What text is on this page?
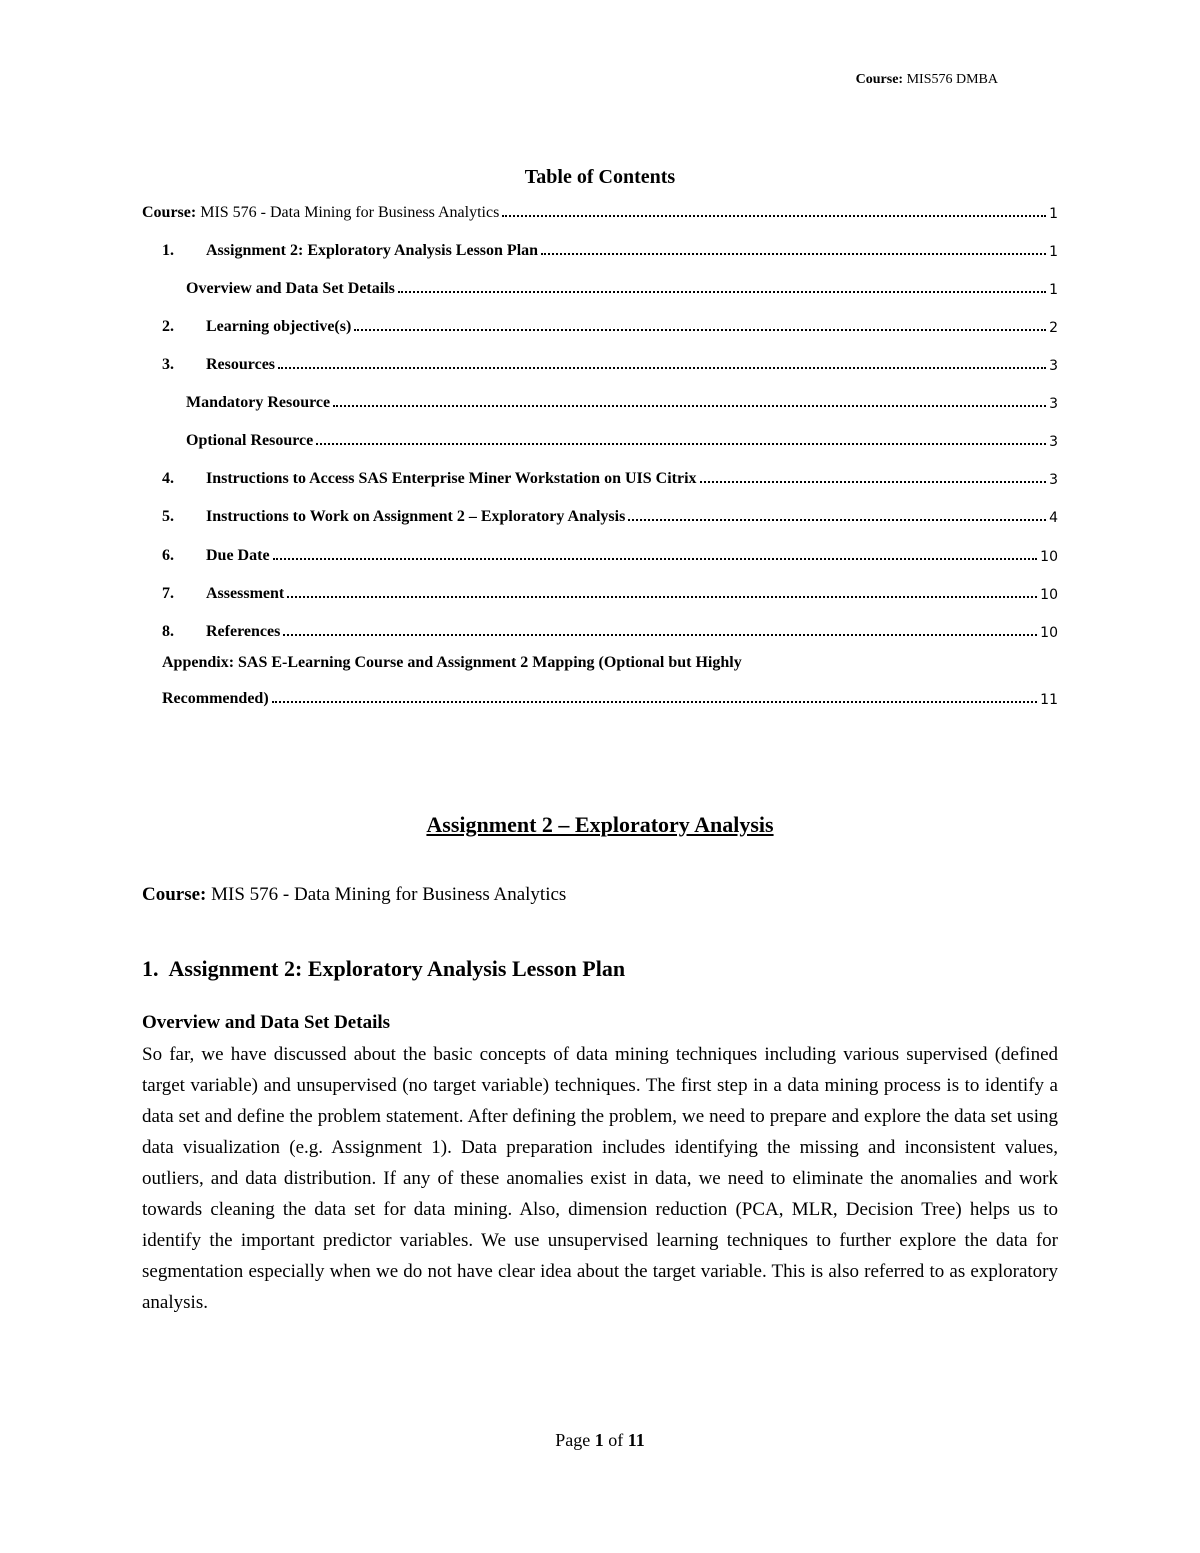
Course: MIS576 DMBA
Table of Contents
Course: MIS 576 - Data Mining for Business Analytics	1
1. Assignment 2: Exploratory Analysis Lesson Plan	1
Overview and Data Set Details	1
2. Learning objective(s)	2
3. Resources	3
Mandatory Resource	3
Optional Resource	3
4. Instructions to Access SAS Enterprise Miner Workstation on UIS Citrix	3
5. Instructions to Work on Assignment 2 – Exploratory Analysis	4
6. Due Date	10
7. Assessment	10
8. References	10
Appendix: SAS E-Learning Course and Assignment 2 Mapping (Optional but Highly
Recommended)	11
Assignment 2 – Exploratory Analysis
Course: MIS 576 - Data Mining for Business Analytics
1. Assignment 2: Exploratory Analysis Lesson Plan
Overview and Data Set Details
So far, we have discussed about the basic concepts of data mining techniques including various supervised (defined target variable) and unsupervised (no target variable) techniques. The first step in a data mining process is to identify a data set and define the problem statement. After defining the problem, we need to prepare and explore the data set using data visualization (e.g. Assignment 1). Data preparation includes identifying the missing and inconsistent values, outliers, and data distribution. If any of these anomalies exist in data, we need to eliminate the anomalies and work towards cleaning the data set for data mining. Also, dimension reduction (PCA, MLR, Decision Tree) helps us to identify the important predictor variables. We use unsupervised learning techniques to further explore the data for segmentation especially when we do not have clear idea about the target variable. This is also referred to as exploratory analysis.
Page 1 of 11
